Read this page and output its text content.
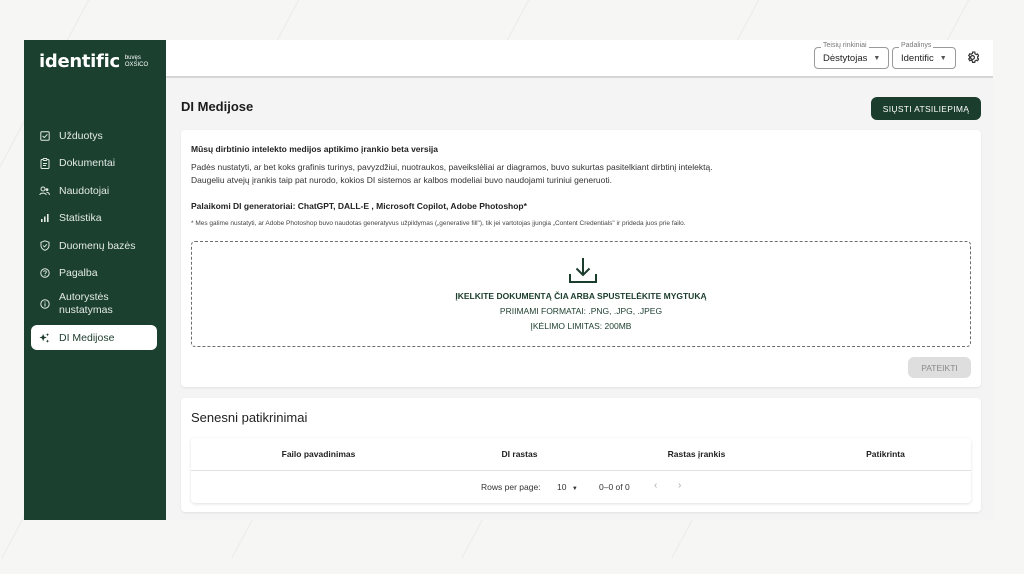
identific buvęs
OXSICO
Užduotys
Dokumentai
Naudotojai
Statistika
Duomenų bazės
Pagalba
Autorystės
nustatymas
DI Medijose
Teisių rinkiniai
Dėstytojas ▼
Padalinys
Identific ▼
DI Medijose	SIŲSTI ATSILIEPIMĄ
Mūsų dirbtinio intelekto medijos aptikimo įrankio beta versija
Padės nustatyti, ar bet koks grafinis turinys, pavyzdžiui, nuotraukos, paveikslėliai ar diagramos, buvo sukurtas pasitelkiant dirbtinį intelektą.
Daugeliu atvejų įrankis taip pat nurodo, kokios DI sistemos ar kalbos modeliai buvo naudojami turiniui generuoti.
Palaikomi DI generatoriai: ChatGPT, DALL-E , Microsoft Copilot, Adobe Photoshop*
* Mes galime nustatyti, ar Adobe Photoshop buvo naudotas generatyvus užpildymas („generative fill"), tik jei vartotojas įjungia „Content Credentials" ir prideda juos prie failo.
ĮKELKITE DOKUMENTĄ ČIA ARBA SPUSTELĖKITE MYGTUKĄ
PRIIMAMI FORMATAI: .PNG, .JPG, .JPEG
ĮKĖLIMO LIMITAS: 200MB
PATEIKTI
Senesni patikrinimai
Failo pavadinimas	DI rastas	Rastas įrankis	Patikrinta
Rows per page: 10 ▼ 0–0 of 0 ‹ ›
